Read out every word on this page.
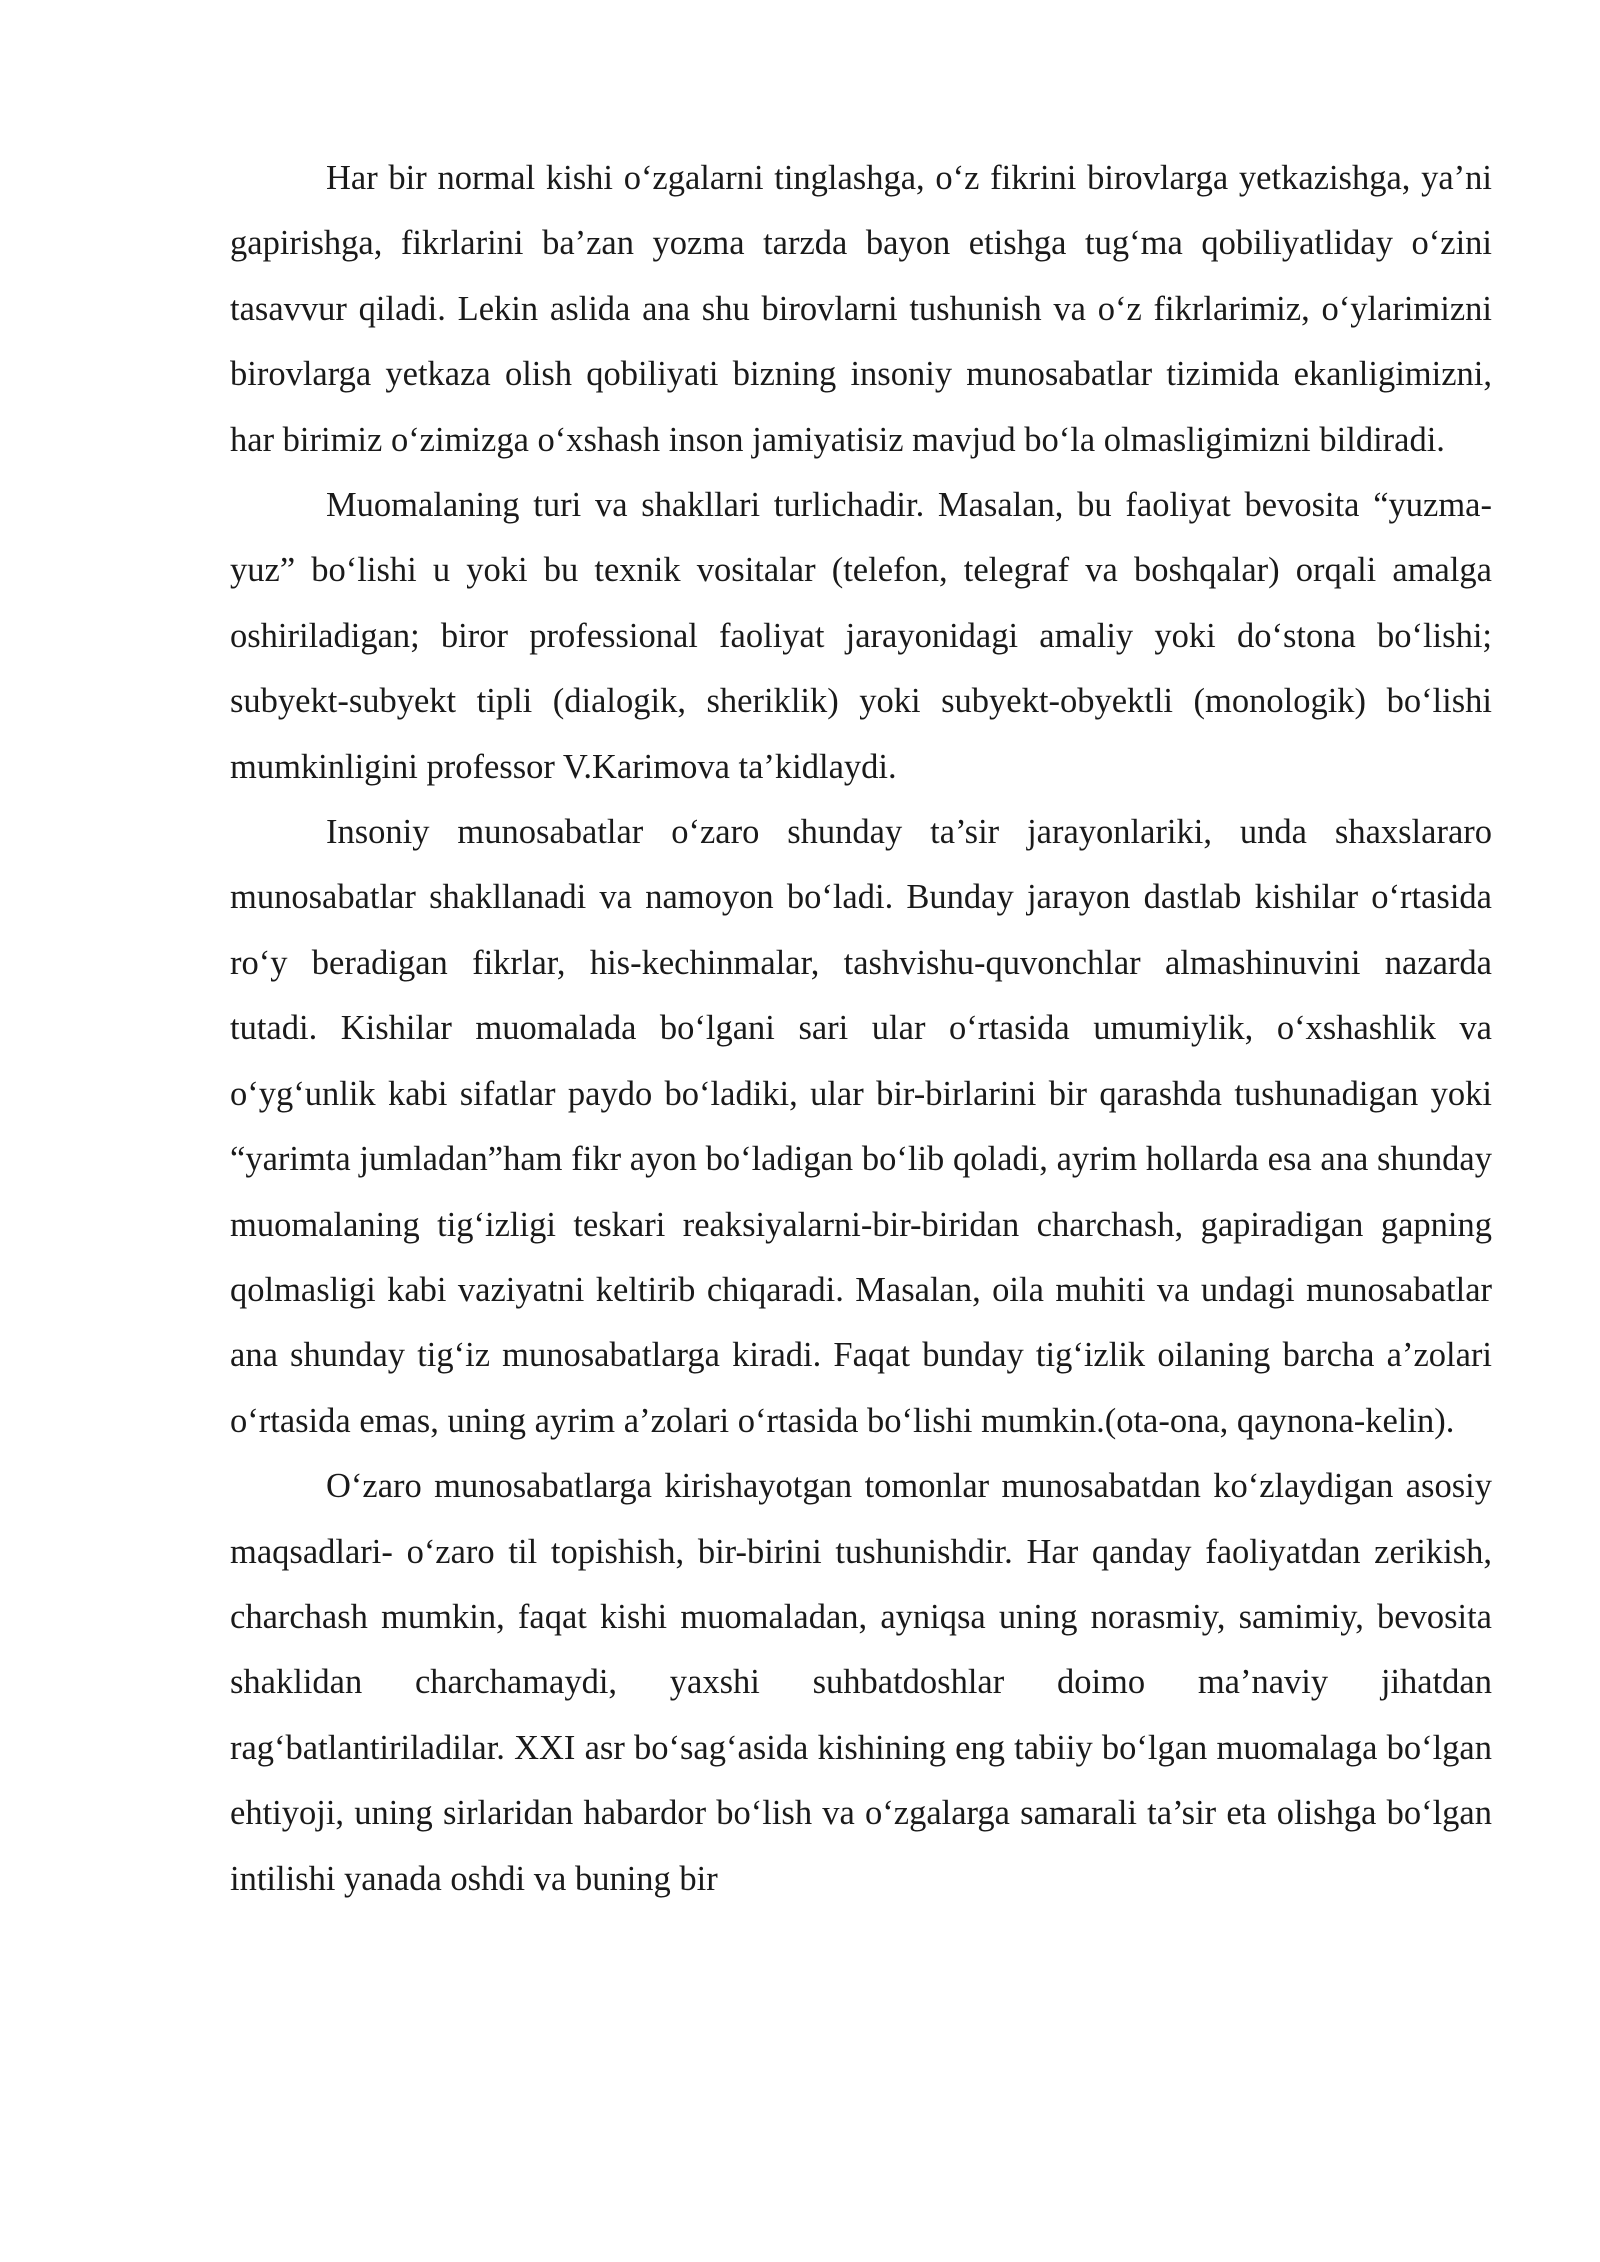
Har bir normal kishi o‘zgalarni tinglashga, o‘z fikrini birovlarga yetkazishga, ya’ni gapirishga, fikrlarini ba’zan yozma tarzda bayon etishga tug‘ma qobiliyatliday o‘zini tasavvur qiladi. Lekin aslida ana shu birovlarni tushunish va o‘z fikrlarimiz, o‘ylarimizni birovlarga yetkaza olish qobiliyati bizning insoniy munosabatlar tizimida ekanligimizni, har birimiz o‘zimizga o‘xshash inson jamiyatisiz mavjud bo‘la olmasligimizni bildiradi.

Muomalaning turi va shakllari turlichadir. Masalan, bu faoliyat bevosita “yuzma-yuz” bo‘lishi u yoki bu texnik vositalar (telefon, telegraf va boshqalar) orqali amalga oshiriladigan; biror professional faoliyat jarayonidagi amaliy yoki do‘stona bo‘lishi; subyekt-subyekt tipli (dialogik, sheriklik) yoki subyekt-obyektli (monologik) bo‘lishi mumkinligini professor V.Karimova ta’kidlaydi.

Insoniy munosabatlar o‘zaro shunday ta’sir jarayonlariki, unda shaxslararo munosabatlar shakllanadi va namoyon bo‘ladi. Bunday jarayon dastlab kishilar o‘rtasida ro‘y beradigan fikrlar, his-kechinmalar, tashvishu-quvonchlar almashinuvini nazarda tutadi. Kishilar muomalada bo‘lgani sari ular o‘rtasida umumiylik, o‘xshashlik va o‘yg‘unlik kabi sifatlar paydo bo‘ladiki, ular bir-birlarini bir qarashda tushunadigan yoki “yarimta jumladan”ham fikr ayon bo‘ladigan bo‘lib qoladi, ayrim hollarda esa ana shunday muomalaning tig‘izligi teskari reaksiyalarni-bir-biridan charchash, gapiradigan gapning qolmasligi kabi vaziyatni keltirib chiqaradi. Masalan, oila muhiti va undagi munosabatlar ana shunday tig‘iz munosabatlarga kiradi. Faqat bunday tig‘izlik oilaning barcha a’zolari o‘rtasida emas, uning ayrim a’zolari o‘rtasida bo‘lishi mumkin.(ota-ona, qaynona-kelin).

O‘zaro munosabatlarga kirishayotgan tomonlar munosabatdan ko‘zlaydigan asosiy maqsadlari- o‘zaro til topishish, bir-birini tushunishdir. Har qanday faoliyatdan zerikish, charchash mumkin, faqat kishi muomaladan, ayniqsa uning norasmiy, samimiy, bevosita shaklidan charchamaydi, yaxshi suhbatdoshlar doimo ma’naviy jihatdan rag‘batlantiriladilar. XXI asr bo‘sag‘asida kishining eng tabiiy bo‘lgan muomalaga bo‘lgan ehtiyoji, uning sirlaridan habardor bo‘lish va o‘zgalarga samarali ta’sir eta olishga bo‘lgan intilishi yanada oshdi va buning bir
